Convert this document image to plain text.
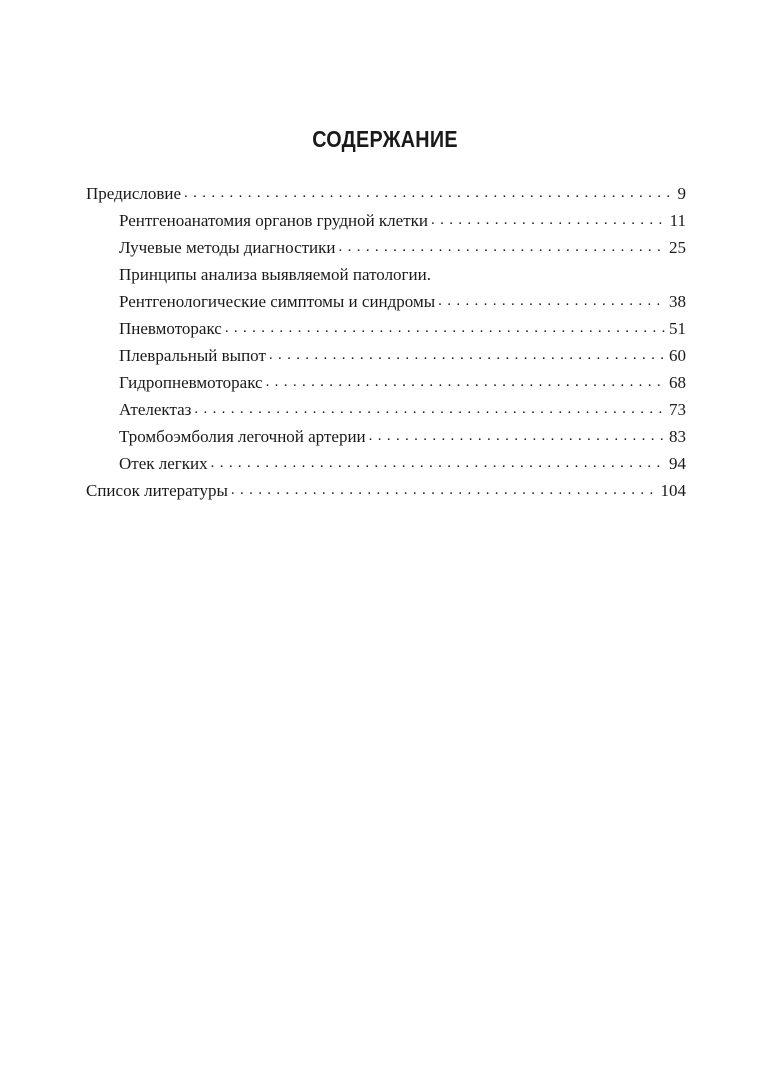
СОДЕРЖАНИЕ
Предисловие . . .	9
Рентгеноанатомия органов грудной клетки . . .	11
Лучевые методы диагностики . . .	25
Принципы анализа выявляемой патологии.
Рентгенологические симптомы и синдромы . . .	38
Пневмоторакс . . .	51
Плевральный выпот . . .	60
Гидропневмоторакс . . .	68
Ателектаз . . .	73
Тромбоэмболия легочной артерии . . .	83
Отек легких . . .	94
Список литературы . . .	104
